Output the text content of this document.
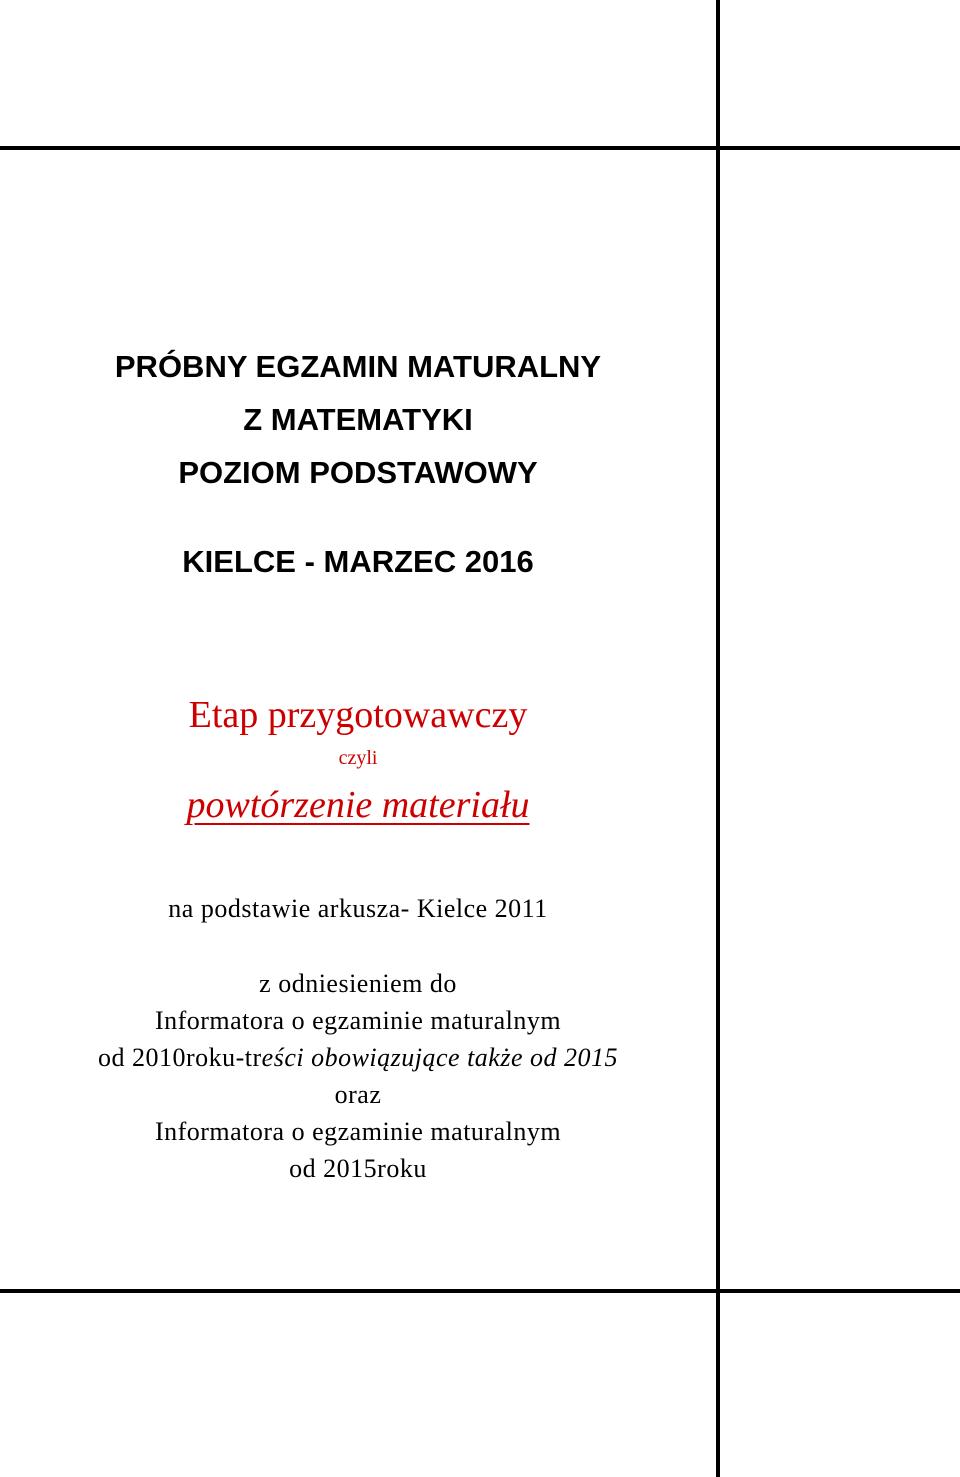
PRÓBNY EGZAMIN MATURALNY
Z MATEMATYKI
POZIOM PODSTAWOWY
KIELCE - MARZEC 2016
Etap przygotowawczy
czyli
powtórzenie materiału
na podstawie arkusza- Kielce 2011
z odniesieniem do
Informatora o egzaminie maturalnym
od 2010roku-treści obowiązujące także od 2015
oraz
Informatora o egzaminie maturalnym
od 2015roku
